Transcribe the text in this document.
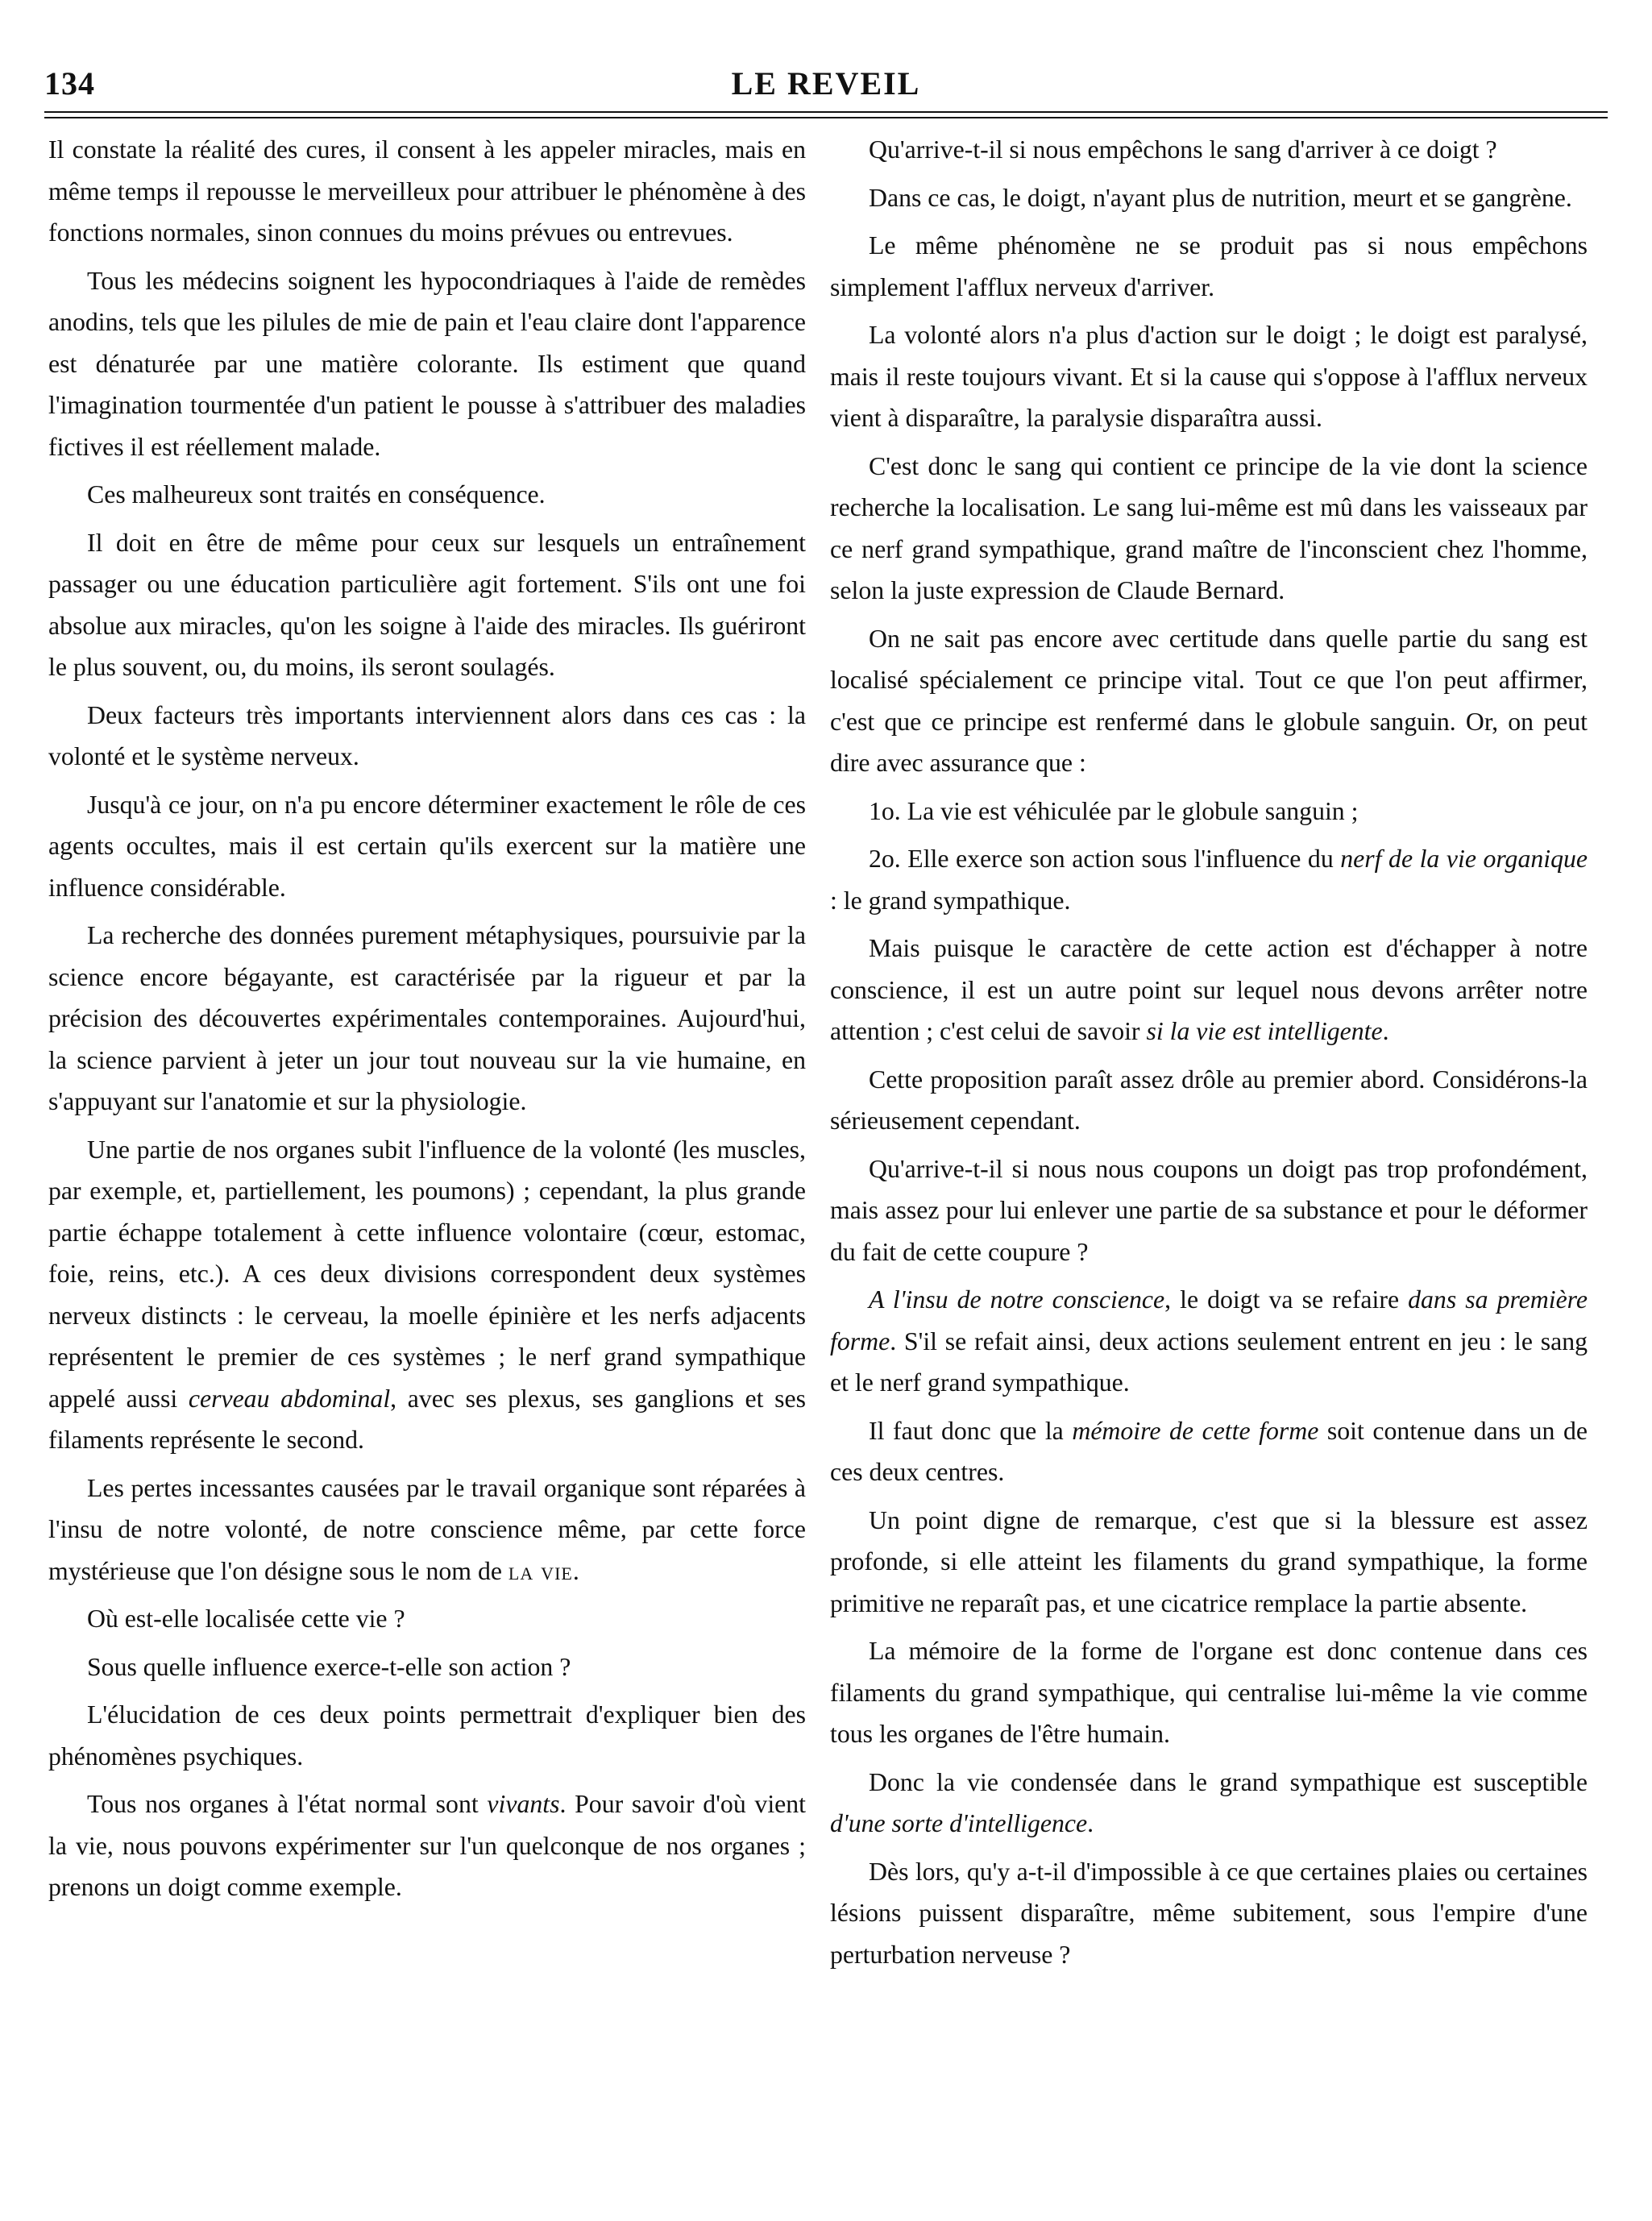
134	LE REVEIL

Il constate la réalité des cures, il consent à les appeler miracles, mais en même temps il repousse le merveilleux pour attribuer le phénomène à des fonctions normales, sinon connues du moins prévues ou entrevues.

Tous les médecins soignent les hypocondriaques à l'aide de remèdes anodins, tels que les pilules de mie de pain et l'eau claire dont l'apparence est dénaturée par une matière colorante. Ils estiment que quand l'imagination tourmentée d'un patient le pousse à s'attribuer des maladies fictives il est réellement malade.

Ces malheureux sont traités en conséquence.

Il doit en être de même pour ceux sur lesquels un entraînement passager ou une éducation particulière agit fortement. S'ils ont une foi absolue aux miracles, qu'on les soigne à l'aide des miracles. Ils guériront le plus souvent, ou, du moins, ils seront soulagés.

Deux facteurs très importants interviennent alors dans ces cas : la volonté et le système nerveux.

Jusqu'à ce jour, on n'a pu encore déterminer exactement le rôle de ces agents occultes, mais il est certain qu'ils exercent sur la matière une influence considérable.

La recherche des données purement métaphysiques, poursuivie par la science encore bégayante, est caractérisée par la rigueur et par la précision des découvertes expérimentales contemporaines. Aujourd'hui, la science parvient à jeter un jour tout nouveau sur la vie humaine, en s'appuyant sur l'anatomie et sur la physiologie.

Une partie de nos organes subit l'influence de la volonté (les muscles, par exemple, et, partiellement, les poumons) ; cependant, la plus grande partie échappe totalement à cette influence volontaire (cœur, estomac, foie, reins, etc.). A ces deux divisions correspondent deux systèmes nerveux distincts : le cerveau, la moelle épinière et les nerfs adjacents représentent le premier de ces systèmes ; le nerf grand sympathique appelé aussi cerveau abdominal, avec ses plexus, ses ganglions et ses filaments représente le second.

Les pertes incessantes causées par le travail organique sont réparées à l'insu de notre volonté, de notre conscience même, par cette force mystérieuse que l'on désigne sous le nom de la vie.

Où est-elle localisée cette vie ?

Sous quelle influence exerce-t-elle son action ?

L'élucidation de ces deux points permettrait d'expliquer bien des phénomènes psychiques.

Tous nos organes à l'état normal sont vivants. Pour savoir d'où vient la vie, nous pouvons expérimenter sur l'un quelconque de nos organes ; prenons un doigt comme exemple.

Qu'arrive-t-il si nous empêchons le sang d'arriver à ce doigt ?

Dans ce cas, le doigt, n'ayant plus de nutrition, meurt et se gangrène.

Le même phénomène ne se produit pas si nous empêchons simplement l'afflux nerveux d'arriver.

La volonté alors n'a plus d'action sur le doigt ; le doigt est paralysé, mais il reste toujours vivant. Et si la cause qui s'oppose à l'afflux nerveux vient à disparaître, la paralysie disparaîtra aussi.

C'est donc le sang qui contient ce principe de la vie dont la science recherche la localisation. Le sang lui-même est mû dans les vaisseaux par ce nerf grand sympathique, grand maître de l'inconscient chez l'homme, selon la juste expression de Claude Bernard.

On ne sait pas encore avec certitude dans quelle partie du sang est localisé spécialement ce principe vital. Tout ce que l'on peut affirmer, c'est que ce principe est renfermé dans le globule sanguin. Or, on peut dire avec assurance que :

1o. La vie est véhiculée par le globule sanguin ;

2o. Elle exerce son action sous l'influence du nerf de la vie organique : le grand sympathique.

Mais puisque le caractère de cette action est d'échapper à notre conscience, il est un autre point sur lequel nous devons arrêter notre attention ; c'est celui de savoir si la vie est intelligente.

Cette proposition paraît assez drôle au premier abord. Considérons-la sérieusement cependant.

Qu'arrive-t-il si nous nous coupons un doigt pas trop profondément, mais assez pour lui enlever une partie de sa substance et pour le déformer du fait de cette coupure ?

A l'insu de notre conscience, le doigt va se refaire dans sa première forme. S'il se refait ainsi, deux actions seulement entrent en jeu : le sang et le nerf grand sympathique.

Il faut donc que la mémoire de cette forme soit contenue dans un de ces deux centres.

Un point digne de remarque, c'est que si la blessure est assez profonde, si elle atteint les filaments du grand sympathique, la forme primitive ne reparaît pas, et une cicatrice remplace la partie absente.

La mémoire de la forme de l'organe est donc contenue dans ces filaments du grand sympathique, qui centralise lui-même la vie comme tous les organes de l'être humain.

Donc la vie condensée dans le grand sympathique est susceptible d'une sorte d'intelligence.

Dès lors, qu'y a-t-il d'impossible à ce que certaines plaies ou certaines lésions puissent disparaître, même subitement, sous l'empire d'une perturbation nerveuse ?
